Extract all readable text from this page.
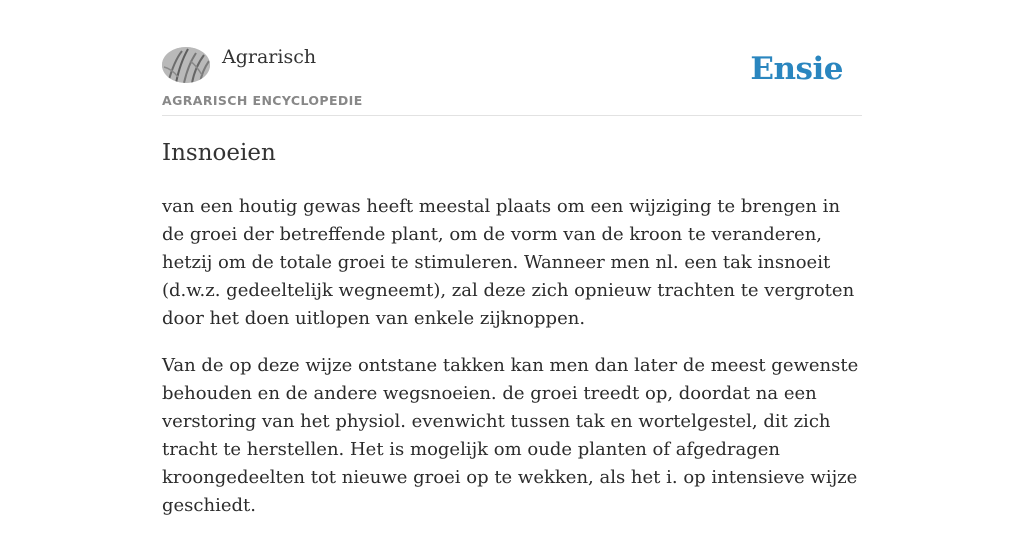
Agrarisch
AGRARISCH ENCYCLOPEDIE
Ensie
Insnoeien

van een houtig gewas heeft meestal plaats om een wijziging te brengen in de groei der betreffende plant, om de vorm van de kroon te veranderen, hetzij om de totale groei te stimuleren. Wanneer men nl. een tak insnoeit (d.w.z. gedeeltelijk wegneemt), zal deze zich opnieuw trachten te vergroten door het doen uitlopen van enkele zijknoppen.

Van de op deze wijze ontstane takken kan men dan later de meest gewenste behouden en de andere wegsnoeien. de groei treedt op, doordat na een verstoring van het physiol. evenwicht tussen tak en wortelgestel, dit zich tracht te herstellen. Het is mogelijk om oude planten of afgedragen kroongedeelten tot nieuwe groei op te wekken, als het i. op intensieve wijze geschiedt.
